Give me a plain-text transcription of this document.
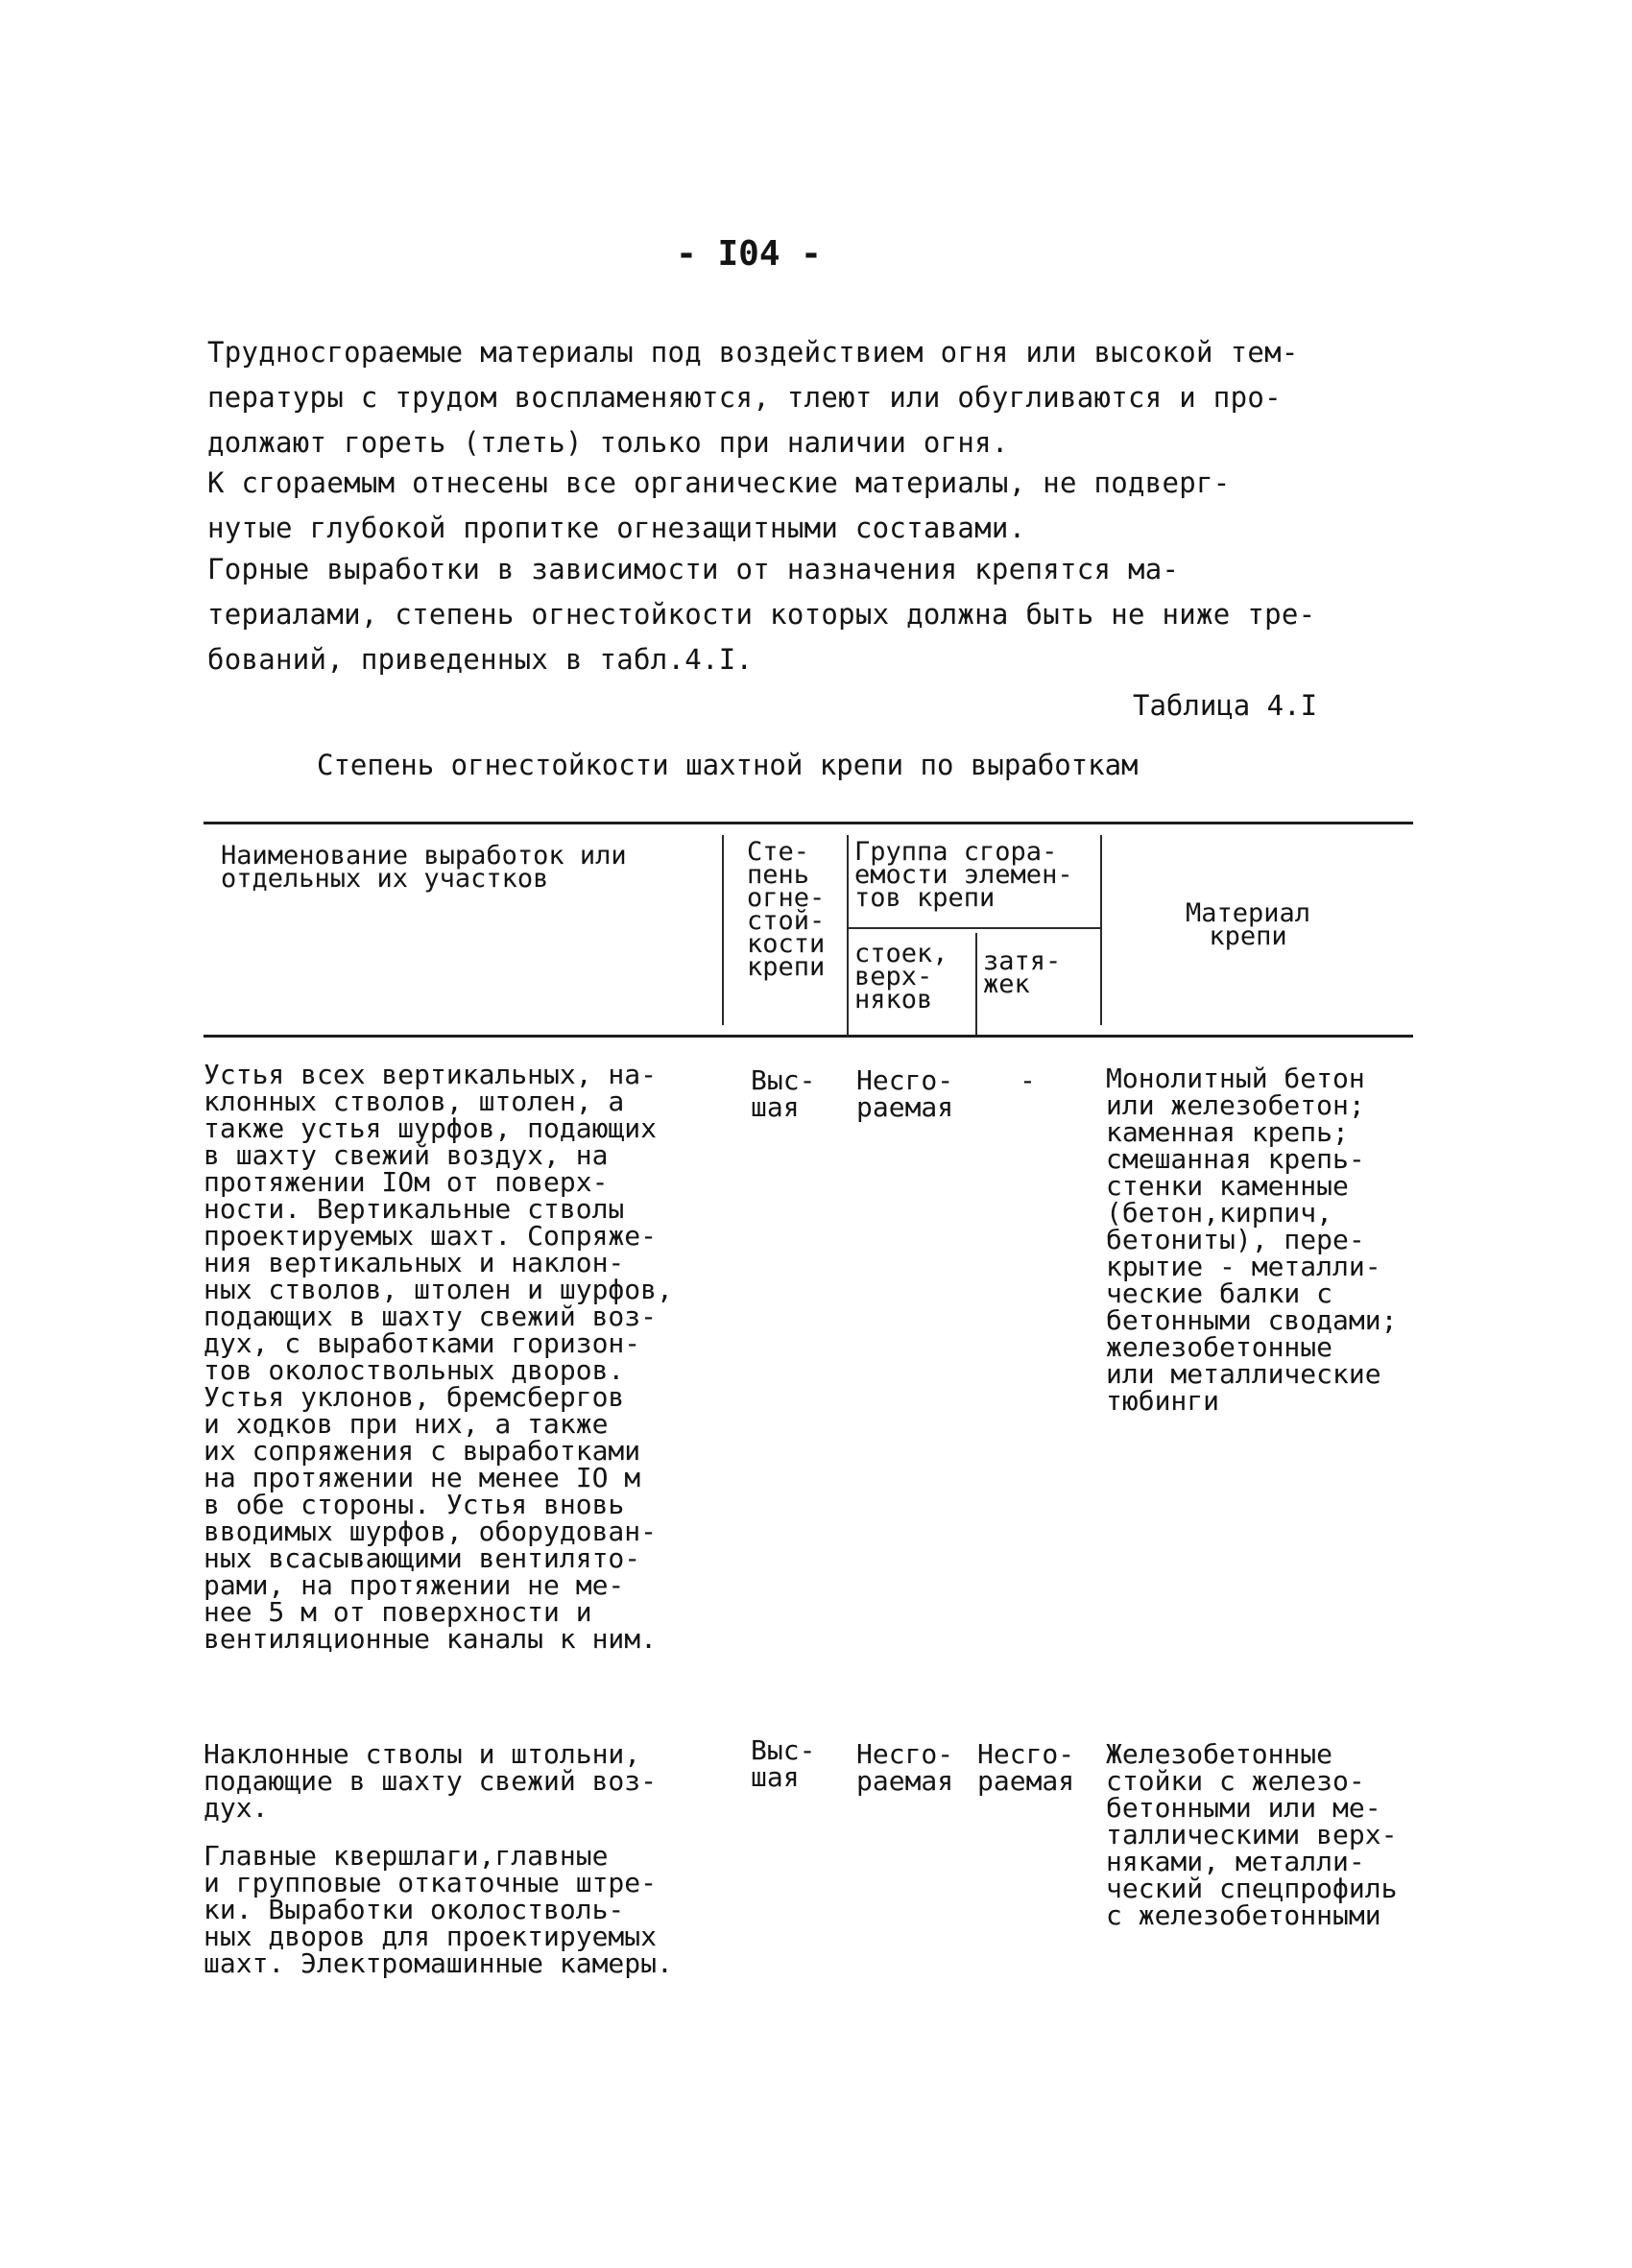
- I04 -

Трудносгораемые материалы под воздействием огня или высокой тем-
пературы с трудом воспламеняются, тлеют или обугливаются и про-
должают гореть (тлеть) только при наличии огня.

К сгораемым отнесены все органические материалы, не подверг-
нутые глубокой пропитке огнезащитными составами.

Горные выработки в зависимости от назначения крепятся ма-
териалами, степень огнестойкости которых должна быть не ниже тре-
бований, приведенных в табл.4.I.

Таблица 4.I
Степень огнестойкости шахтной крепи по выработкам
Наименование выработок или
отдельных их участков
Сте-
пень
огне-
стой-
кости
крепи
Группа сгора-
емости элемен-
тов крепи
стоек,
верх-
няков
затя-
жек
Материал
крепи
Устья всех вертикальных, на-
клонных стволов, штолен, а
также устья шурфов, подающих
в шахту свежий воздух, на
протяжении IОм от поверх-
ности. Вертикальные стволы
проектируемых шахт. Сопряже-
ния вертикальных и наклон-
ных стволов, штолен и шурфов,
подающих в шахту свежий воз-
дух, с выработками горизон-
тов околоствольных дворов.
Устья уклонов, бремсбергов
и ходков при них, а также
их сопряжения с выработками
на протяжении не менее IО м
в обе стороны. Устья вновь
вводимых шурфов, оборудован-
ных всасывающими вентилято-
рами, на протяжении не ме-
нее 5 м от поверхности и
вентиляционные каналы к ним.
Выс-
шая
Несго-
раемая
-	Монолитный бетон
или железобетон;
каменная крепь;
смешанная крепь-
стенки каменные
(бетон,кирпич,
бетониты), пере-
крытие - металли-
ческие балки с
бетонными сводами;
железобетонные
или металлические
тюбинги
Наклонные стволы и штольни,
подающие в шахту свежий воз-
дух.
Главные квершлаги,главные
и групповые откаточные штре-
ки. Выработки околостволь-
ных дворов для проектируемых
шахт. Электромашинные камеры.
Выс-
шая
Несго-
раемая
Несго-
раемая
Железобетонные
стойки с железо-
бетонными или ме-
таллическими верх-
няками, металли-
ческий спецпрофиль
с железобетонными
